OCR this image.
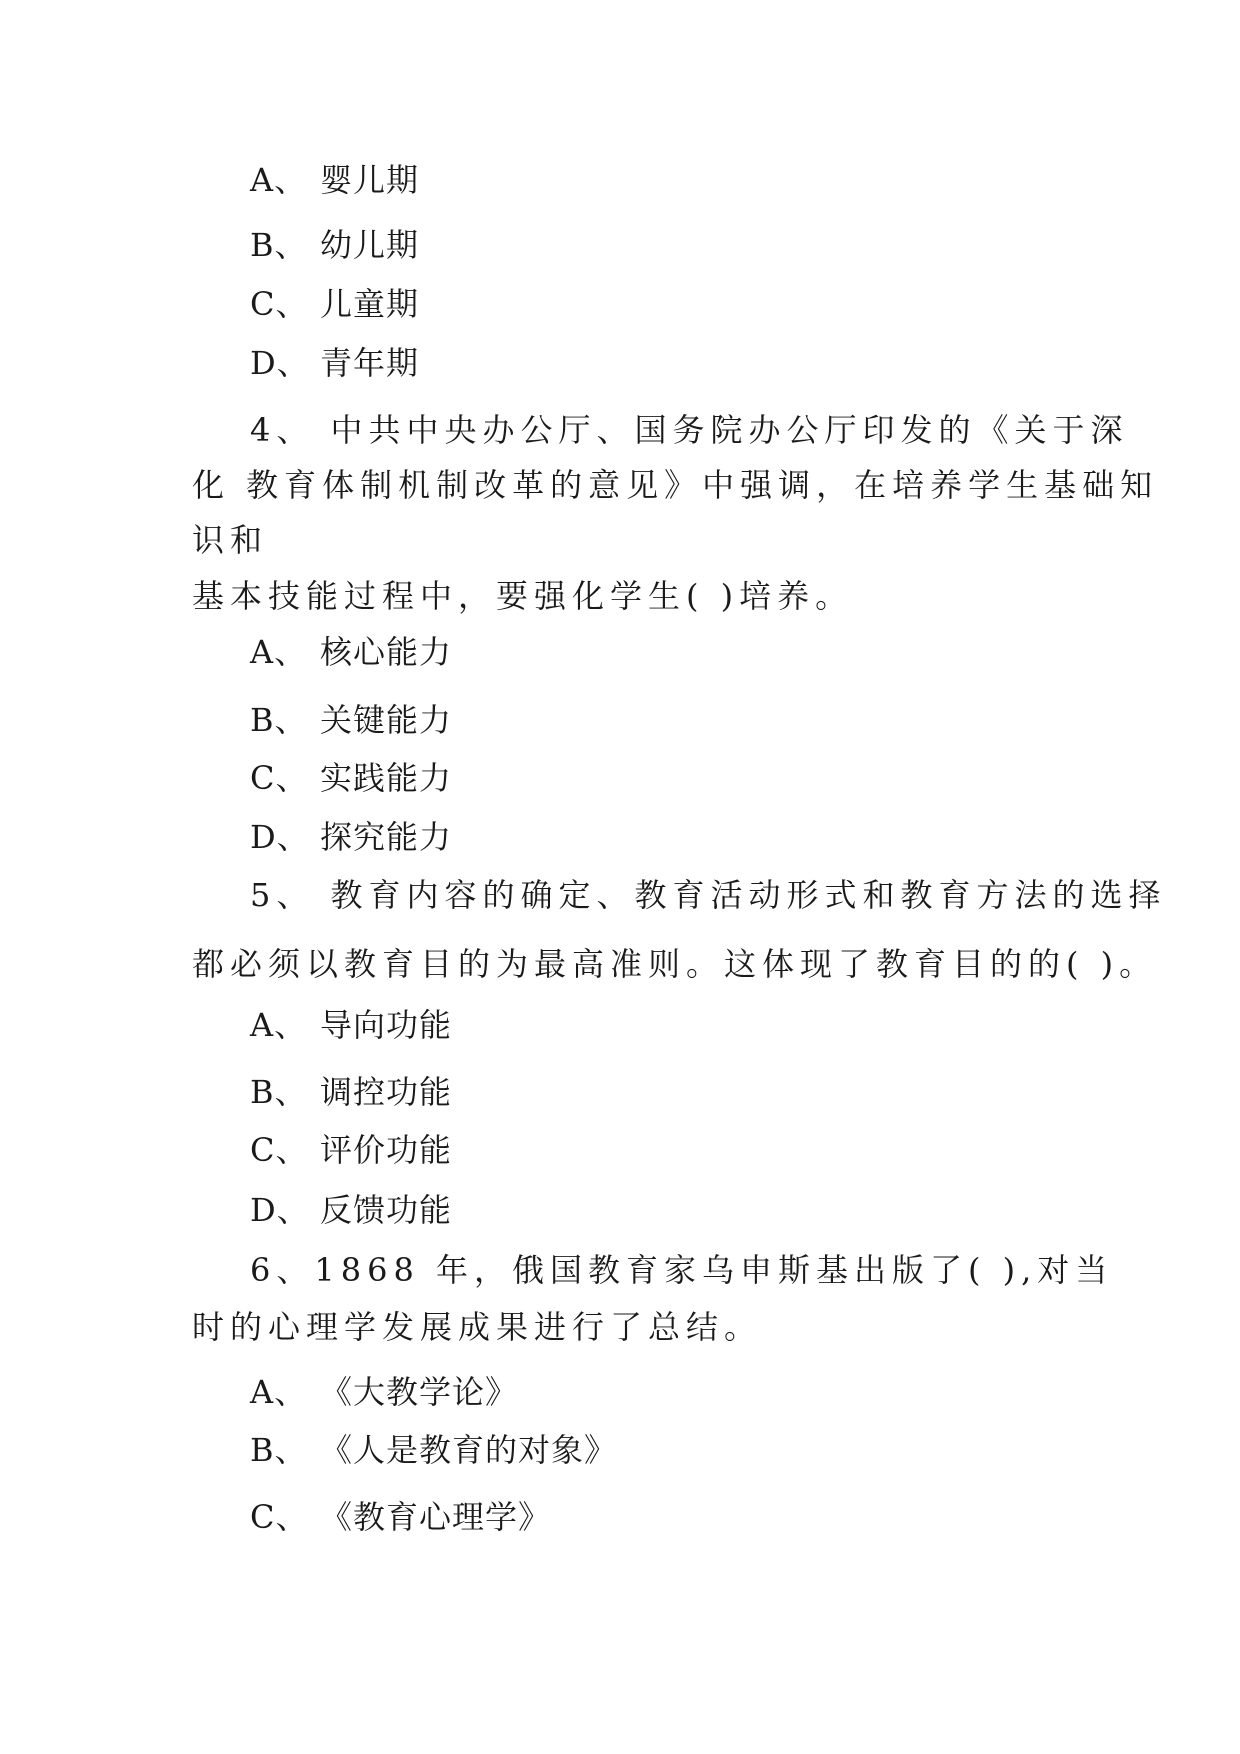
A、 婴儿期
B、 幼儿期
C、 儿童期
D、 青年期
4、 中共中央办公厅、国务院办公厅印发的《关于深
化 教育体制机制改革的意见》中强调，在培养学生基础知
识和
基本技能过程中，要强化学生( )培养。
A、 核心能力
B、 关键能力
C、 实践能力
D、 探究能力
5、 教育内容的确定、教育活动形式和教育方法的选择
都必须以教育目的为最高准则。这体现了教育目的的( )。
A、 导向功能
B、 调控功能
C、 评价功能
D、 反馈功能
6、1868 年，俄国教育家乌申斯基出版了( ),对当
时的心理学发展成果进行了总结。
A、 《大教学论》
B、 《人是教育的对象》
C、 《教育心理学》
